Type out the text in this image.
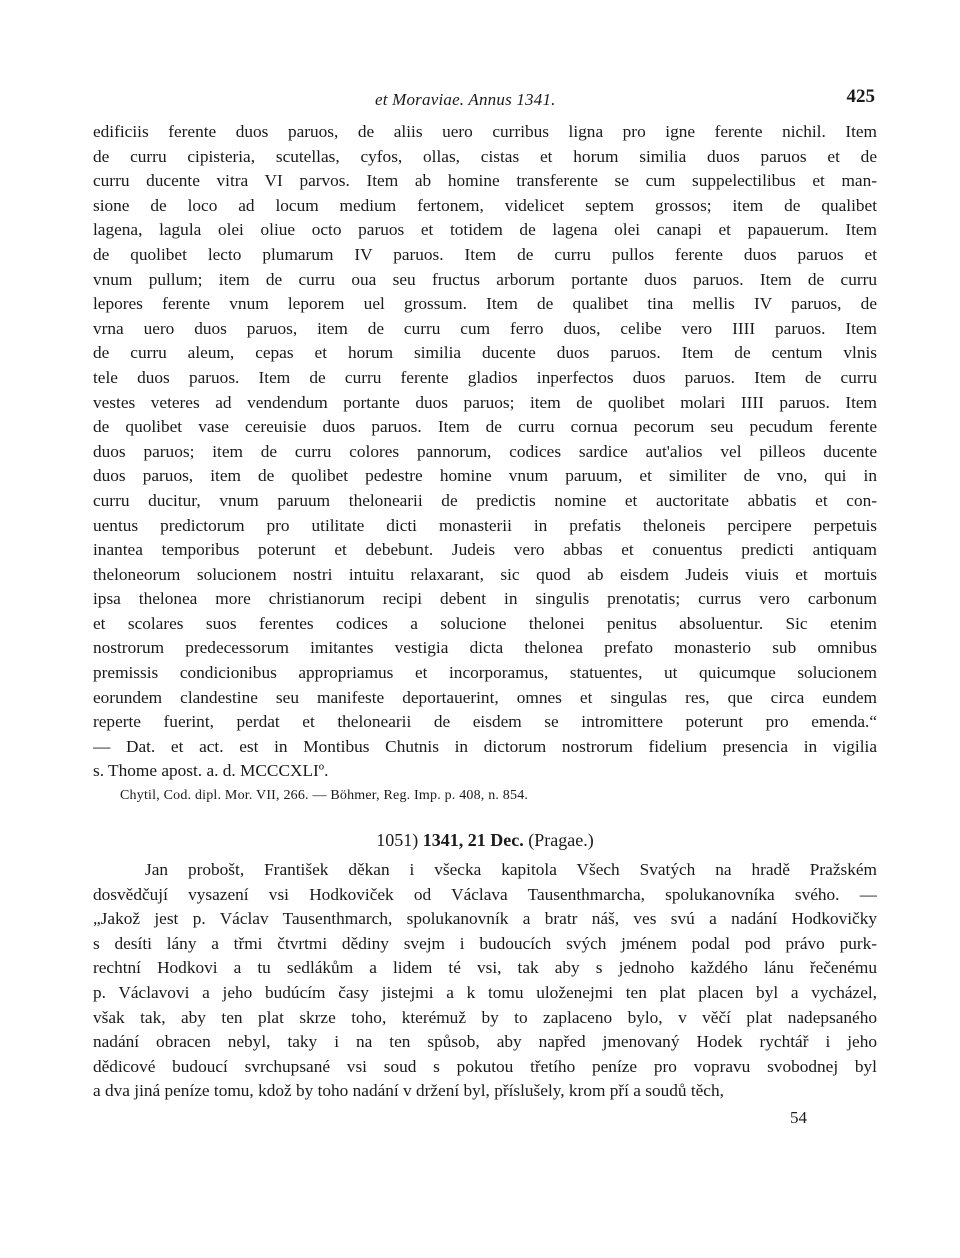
et Moraviae. Annus 1341.	425
edificiis ferente duos paruos, de aliis uero curribus ligna pro igne ferente nichil. Item
de curru cipisteria, scutellas, cyfos, ollas, cistas et horum similia duos paruos et de
curru ducente vitra VI parvos. Item ab homine transferente se cum suppelectilibus et man-
sione de loco ad locum medium fertonem, videlicet septem grossos; item de qualibet
lagena, lagula olei oliue octo paruos et totidem de lagena olei canapi et papauerum. Item
de quolibet lecto plumarum IV paruos. Item de curru pullos ferente duos paruos et
vnum pullum; item de curru oua seu fructus arborum portante duos paruos. Item de curru
lepores ferente vnum leporem uel grossum. Item de qualibet tina mellis IV paruos, de
vrna uero duos paruos, item de curru cum ferro duos, celibe vero IIII paruos. Item
de curru aleum, cepas et horum similia ducente duos paruos. Item de centum vlnis
tele duos paruos. Item de curru ferente gladios inperfectos duos paruos. Item de curru
vestes veteres ad vendendum portante duos paruos; item de quolibet molari IIII paruos. Item
de quolibet vase cereuisie duos paruos. Item de curru cornua pecorum seu pecudum ferente
duos paruos; item de curru colores pannorum, codices sardice aut'alios vel pilleos ducente
duos paruos, item de quolibet pedestre homine vnum paruum, et similiter de vno, qui in
curru ducitur, vnum paruum thelonearii de predictis nomine et auctoritate abbatis et con-
uentus predictorum pro utilitate dicti monasterii in prefatis theloneis percipere perpetuis
inantea temporibus poterunt et debebunt. Judeis vero abbas et conuentus predicti antiquam
theloneorum solucionem nostri intuitu relaxarant, sic quod ab eisdem Judeis viuis et mortuis
ipsa thelonea more christianorum recipi debent in singulis prenotatis; currus vero carbonum
et scolares suos ferentes codices a solucione thelonei penitus absoluentur. Sic etenim
nostrorum predecessorum imitantes vestigia dicta thelonea prefato monasterio sub omnibus
premissis condicionibus appropriamus et incorporamus, statuentes, ut quicumque solucionem
eorundem clandestine seu manifeste deportauerint, omnes et singulas res, que circa eundem
reperte fuerint, perdat et thelonearii de eisdem se intromittere poterunt pro emenda.“
— Dat. et act. est in Montibus Chutnis in dictorum nostrorum fidelium presencia in vigilia
s. Thome apost. a. d. MCCCXLIº.
Chytil, Cod. dipl. Mor. VII, 266. — Böhmer, Reg. Imp. p. 408, n. 854.
1051) 1341, 21 Dec. (Pragae.)
Jan probošt, František děkan i všecka kapitola Všech Svatých na hradě Pražském
dosvědčují vysazení vsi Hodkoviček od Václava Tausenthmarcha, spolukanovníka svého. —
„Jakož jest p. Václav Tausenthmarch, spolukanovník a bratr náš, ves svú a nadání Hodkovičky
s desíti lány a třmi čtvrtmi dědiny svejm i budoucích svých jménem podal pod právo purk-
rechtní Hodkovi a tu sedlákům a lidem té vsi, tak aby s jednoho každého lánu řečenému
p. Václavovi a jeho budúcím časy jistejmi a k tomu uloženejmi ten plat placen byl a vycházel,
však tak, aby ten plat skrze toho, kterémuž by to zaplaceno bylo, v věčí plat nadepsaného
nadání obracen nebyl, taky i na ten spůsob, aby napřed jmenovaný Hodek rychtář i jeho
dědicové budoucí svrchupsané vsi soud s pokutou třetího peníze pro vopravu svobodnej byl
a dva jiná peníze tomu, kdož by toho nadání v držení byl, příslušely, krom pří a soudů těch,
54
